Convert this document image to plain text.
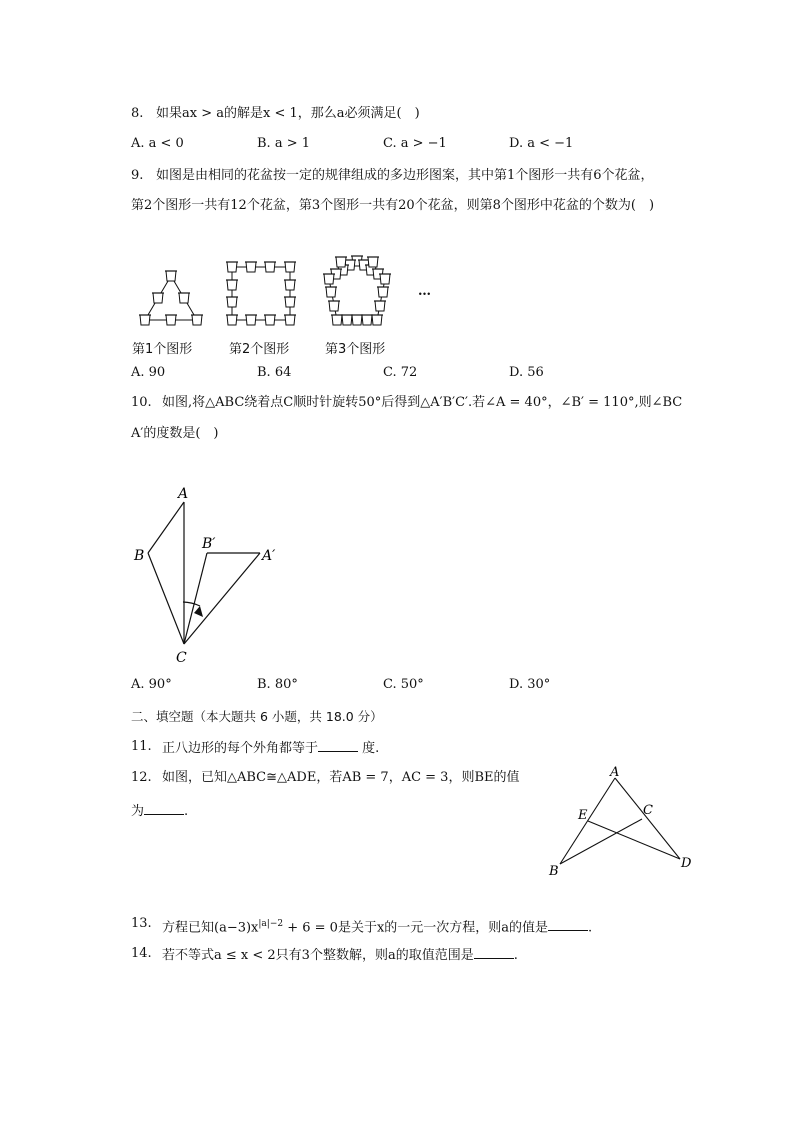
8. 如果ax > a的解是x < 1，那么a必须满足(　)
A. a < 0	B. a > 1	C. a > −1	D. a < −1
9. 如图是由相同的花盆按一定的规律组成的多边形图案，其中第1个图形一共有6个花盆，
第2个图形一共有12个花盆，第3个图形一共有20个花盆，则第8个图形中花盆的个数为(　)
…
第1个图形	第2个图形	第3个图形
A. 90	B. 64	C. 72	D. 56
10. 如图,将△ABC绕着点C顺时针旋转50°后得到△A′B′C′.若∠A = 40°，∠B′ = 110°,则∠BC
A′的度数是(　)
A
B
B′
A′
C
A. 90°	B. 80°	C. 50°	D. 30°
二、填空题（本大题共 6 小题，共 18.0 分）
11. 正八边形的每个外角都等于	度.
12. 如图，已知△ABC≅△ADE，若AB = 7，AC = 3，则BE的值
为	.
A
E	C
B
D
13. 方程已知$(a-3)x^{|a|-2} + 6 = 0$是关于x的一元一次方程，则a的值是	.
14. 若不等式a ≤ x < 2只有3个整数解，则a的取值范围是	.
